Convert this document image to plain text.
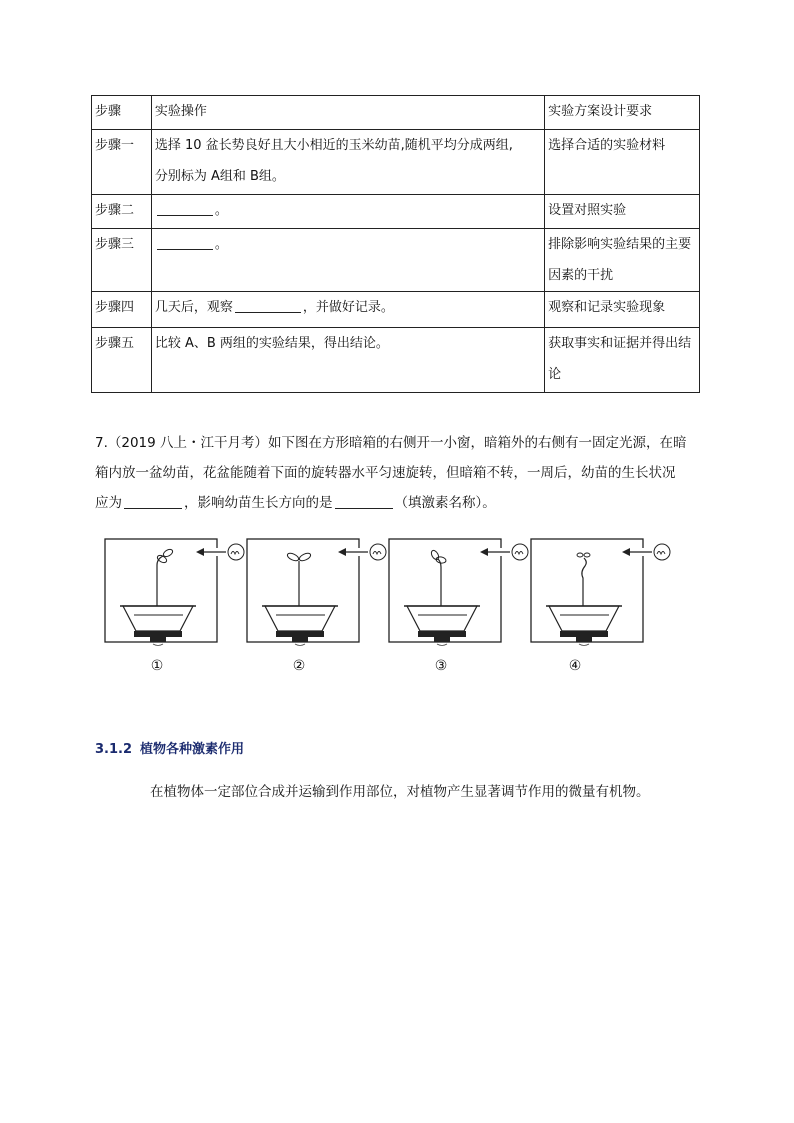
步骤	实验操作	实验方案设计要求
步骤一	选择 10 盆长势良好且大小相近的玉米幼苗,随机平均分成两组,
分别标为 A组和 B组。	选择合适的实验材料

步骤二	。	设置对照实验

步骤三	。	排除影响实验结果的主要
因素的干扰

步骤四	几天后，观察 ，并做好记录。	观察和记录实验现象

步骤五	比较 A、B 两组的实验结果，得出结论。	获取事实和证据并得出结
论

7.（2019 八上・江干月考）如下图在方形暗箱的右侧开一小窗，暗箱外的右侧有一固定光源，在暗
箱内放一盆幼苗，花盆能随着下面的旋转器水平匀速旋转，但暗箱不转，一周后，幼苗的生长状况
应为	，影响幼苗生长方向的是	（填激素名称）。

①	②	③	④
3.1.2 植物各种激素作用

在植物体一定部位合成并运输到作用部位，对植物产生显著调节作用的微量有机物。
